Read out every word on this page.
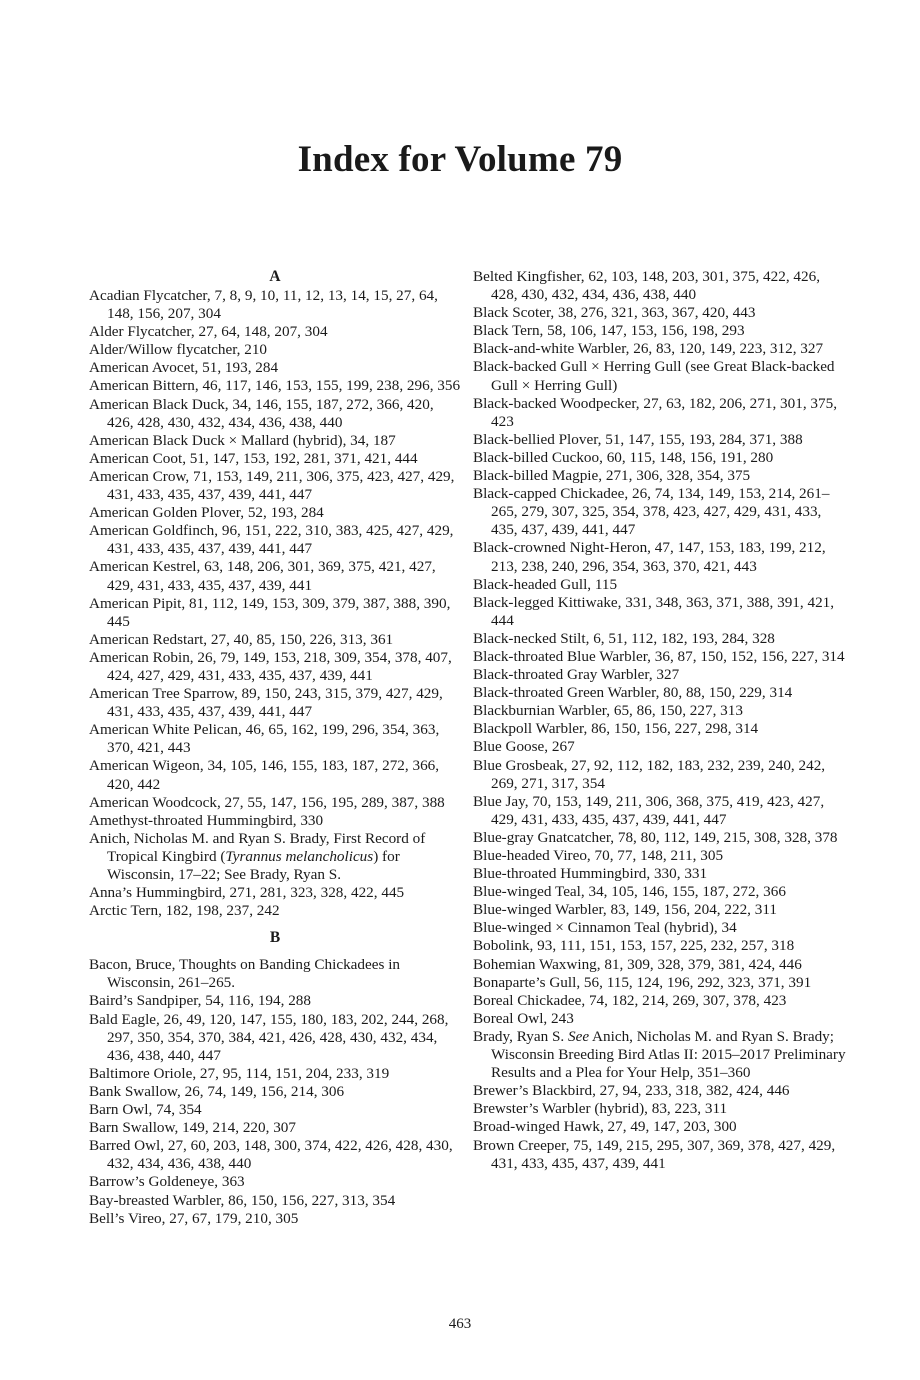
Index for Volume 79
A
Acadian Flycatcher, 7, 8, 9, 10, 11, 12, 13, 14, 15, 27, 64, 148, 156, 207, 304
Alder Flycatcher, 27, 64, 148, 207, 304
Alder/Willow flycatcher, 210
American Avocet, 51, 193, 284
American Bittern, 46, 117, 146, 153, 155, 199, 238, 296, 356
American Black Duck, 34, 146, 155, 187, 272, 366, 420, 426, 428, 430, 432, 434, 436, 438, 440
American Black Duck × Mallard (hybrid), 34, 187
American Coot, 51, 147, 153, 192, 281, 371, 421, 444
American Crow, 71, 153, 149, 211, 306, 375, 423, 427, 429, 431, 433, 435, 437, 439, 441, 447
American Golden Plover, 52, 193, 284
American Goldfinch, 96, 151, 222, 310, 383, 425, 427, 429, 431, 433, 435, 437, 439, 441, 447
American Kestrel, 63, 148, 206, 301, 369, 375, 421, 427, 429, 431, 433, 435, 437, 439, 441
American Pipit, 81, 112, 149, 153, 309, 379, 387, 388, 390, 445
American Redstart, 27, 40, 85, 150, 226, 313, 361
American Robin, 26, 79, 149, 153, 218, 309, 354, 378, 407, 424, 427, 429, 431, 433, 435, 437, 439, 441
American Tree Sparrow, 89, 150, 243, 315, 379, 427, 429, 431, 433, 435, 437, 439, 441, 447
American White Pelican, 46, 65, 162, 199, 296, 354, 363, 370, 421, 443
American Wigeon, 34, 105, 146, 155, 183, 187, 272, 366, 420, 442
American Woodcock, 27, 55, 147, 156, 195, 289, 387, 388
Amethyst-throated Hummingbird, 330
Anich, Nicholas M. and Ryan S. Brady, First Record of Tropical Kingbird (Tyrannus melancholicus) for Wisconsin, 17–22; See Brady, Ryan S.
Anna’s Hummingbird, 271, 281, 323, 328, 422, 445
Arctic Tern, 182, 198, 237, 242
B
Bacon, Bruce, Thoughts on Banding Chickadees in Wisconsin, 261–265.
Baird’s Sandpiper, 54, 116, 194, 288
Bald Eagle, 26, 49, 120, 147, 155, 180, 183, 202, 244, 268, 297, 350, 354, 370, 384, 421, 426, 428, 430, 432, 434, 436, 438, 440, 447
Baltimore Oriole, 27, 95, 114, 151, 204, 233, 319
Bank Swallow, 26, 74, 149, 156, 214, 306
Barn Owl, 74, 354
Barn Swallow, 149, 214, 220, 307
Barred Owl, 27, 60, 203, 148, 300, 374, 422, 426, 428, 430, 432, 434, 436, 438, 440
Barrow’s Goldeneye, 363
Bay-breasted Warbler, 86, 150, 156, 227, 313, 354
Bell’s Vireo, 27, 67, 179, 210, 305
Belted Kingfisher, 62, 103, 148, 203, 301, 375, 422, 426, 428, 430, 432, 434, 436, 438, 440
Black Scoter, 38, 276, 321, 363, 367, 420, 443
Black Tern, 58, 106, 147, 153, 156, 198, 293
Black-and-white Warbler, 26, 83, 120, 149, 223, 312, 327
Black-backed Gull × Herring Gull (see Great Black-backed Gull × Herring Gull)
Black-backed Woodpecker, 27, 63, 182, 206, 271, 301, 375, 423
Black-bellied Plover, 51, 147, 155, 193, 284, 371, 388
Black-billed Cuckoo, 60, 115, 148, 156, 191, 280
Black-billed Magpie, 271, 306, 328, 354, 375
Black-capped Chickadee, 26, 74, 134, 149, 153, 214, 261–265, 279, 307, 325, 354, 378, 423, 427, 429, 431, 433, 435, 437, 439, 441, 447
Black-crowned Night-Heron, 47, 147, 153, 183, 199, 212, 213, 238, 240, 296, 354, 363, 370, 421, 443
Black-headed Gull, 115
Black-legged Kittiwake, 331, 348, 363, 371, 388, 391, 421, 444
Black-necked Stilt, 6, 51, 112, 182, 193, 284, 328
Black-throated Blue Warbler, 36, 87, 150, 152, 156, 227, 314
Black-throated Gray Warbler, 327
Black-throated Green Warbler, 80, 88, 150, 229, 314
Blackburnian Warbler, 65, 86, 150, 227, 313
Blackpoll Warbler, 86, 150, 156, 227, 298, 314
Blue Goose, 267
Blue Grosbeak, 27, 92, 112, 182, 183, 232, 239, 240, 242, 269, 271, 317, 354
Blue Jay, 70, 153, 149, 211, 306, 368, 375, 419, 423, 427, 429, 431, 433, 435, 437, 439, 441, 447
Blue-gray Gnatcatcher, 78, 80, 112, 149, 215, 308, 328, 378
Blue-headed Vireo, 70, 77, 148, 211, 305
Blue-throated Hummingbird, 330, 331
Blue-winged Teal, 34, 105, 146, 155, 187, 272, 366
Blue-winged Warbler, 83, 149, 156, 204, 222, 311
Blue-winged × Cinnamon Teal (hybrid), 34
Bobolink, 93, 111, 151, 153, 157, 225, 232, 257, 318
Bohemian Waxwing, 81, 309, 328, 379, 381, 424, 446
Bonaparte’s Gull, 56, 115, 124, 196, 292, 323, 371, 391
Boreal Chickadee, 74, 182, 214, 269, 307, 378, 423
Boreal Owl, 243
Brady, Ryan S. See Anich, Nicholas M. and Ryan S. Brady; Wisconsin Breeding Bird Atlas II: 2015–2017 Preliminary Results and a Plea for Your Help, 351–360
Brewer’s Blackbird, 27, 94, 233, 318, 382, 424, 446
Brewster’s Warbler (hybrid), 83, 223, 311
Broad-winged Hawk, 27, 49, 147, 203, 300
Brown Creeper, 75, 149, 215, 295, 307, 369, 378, 427, 429, 431, 433, 435, 437, 439, 441
463
